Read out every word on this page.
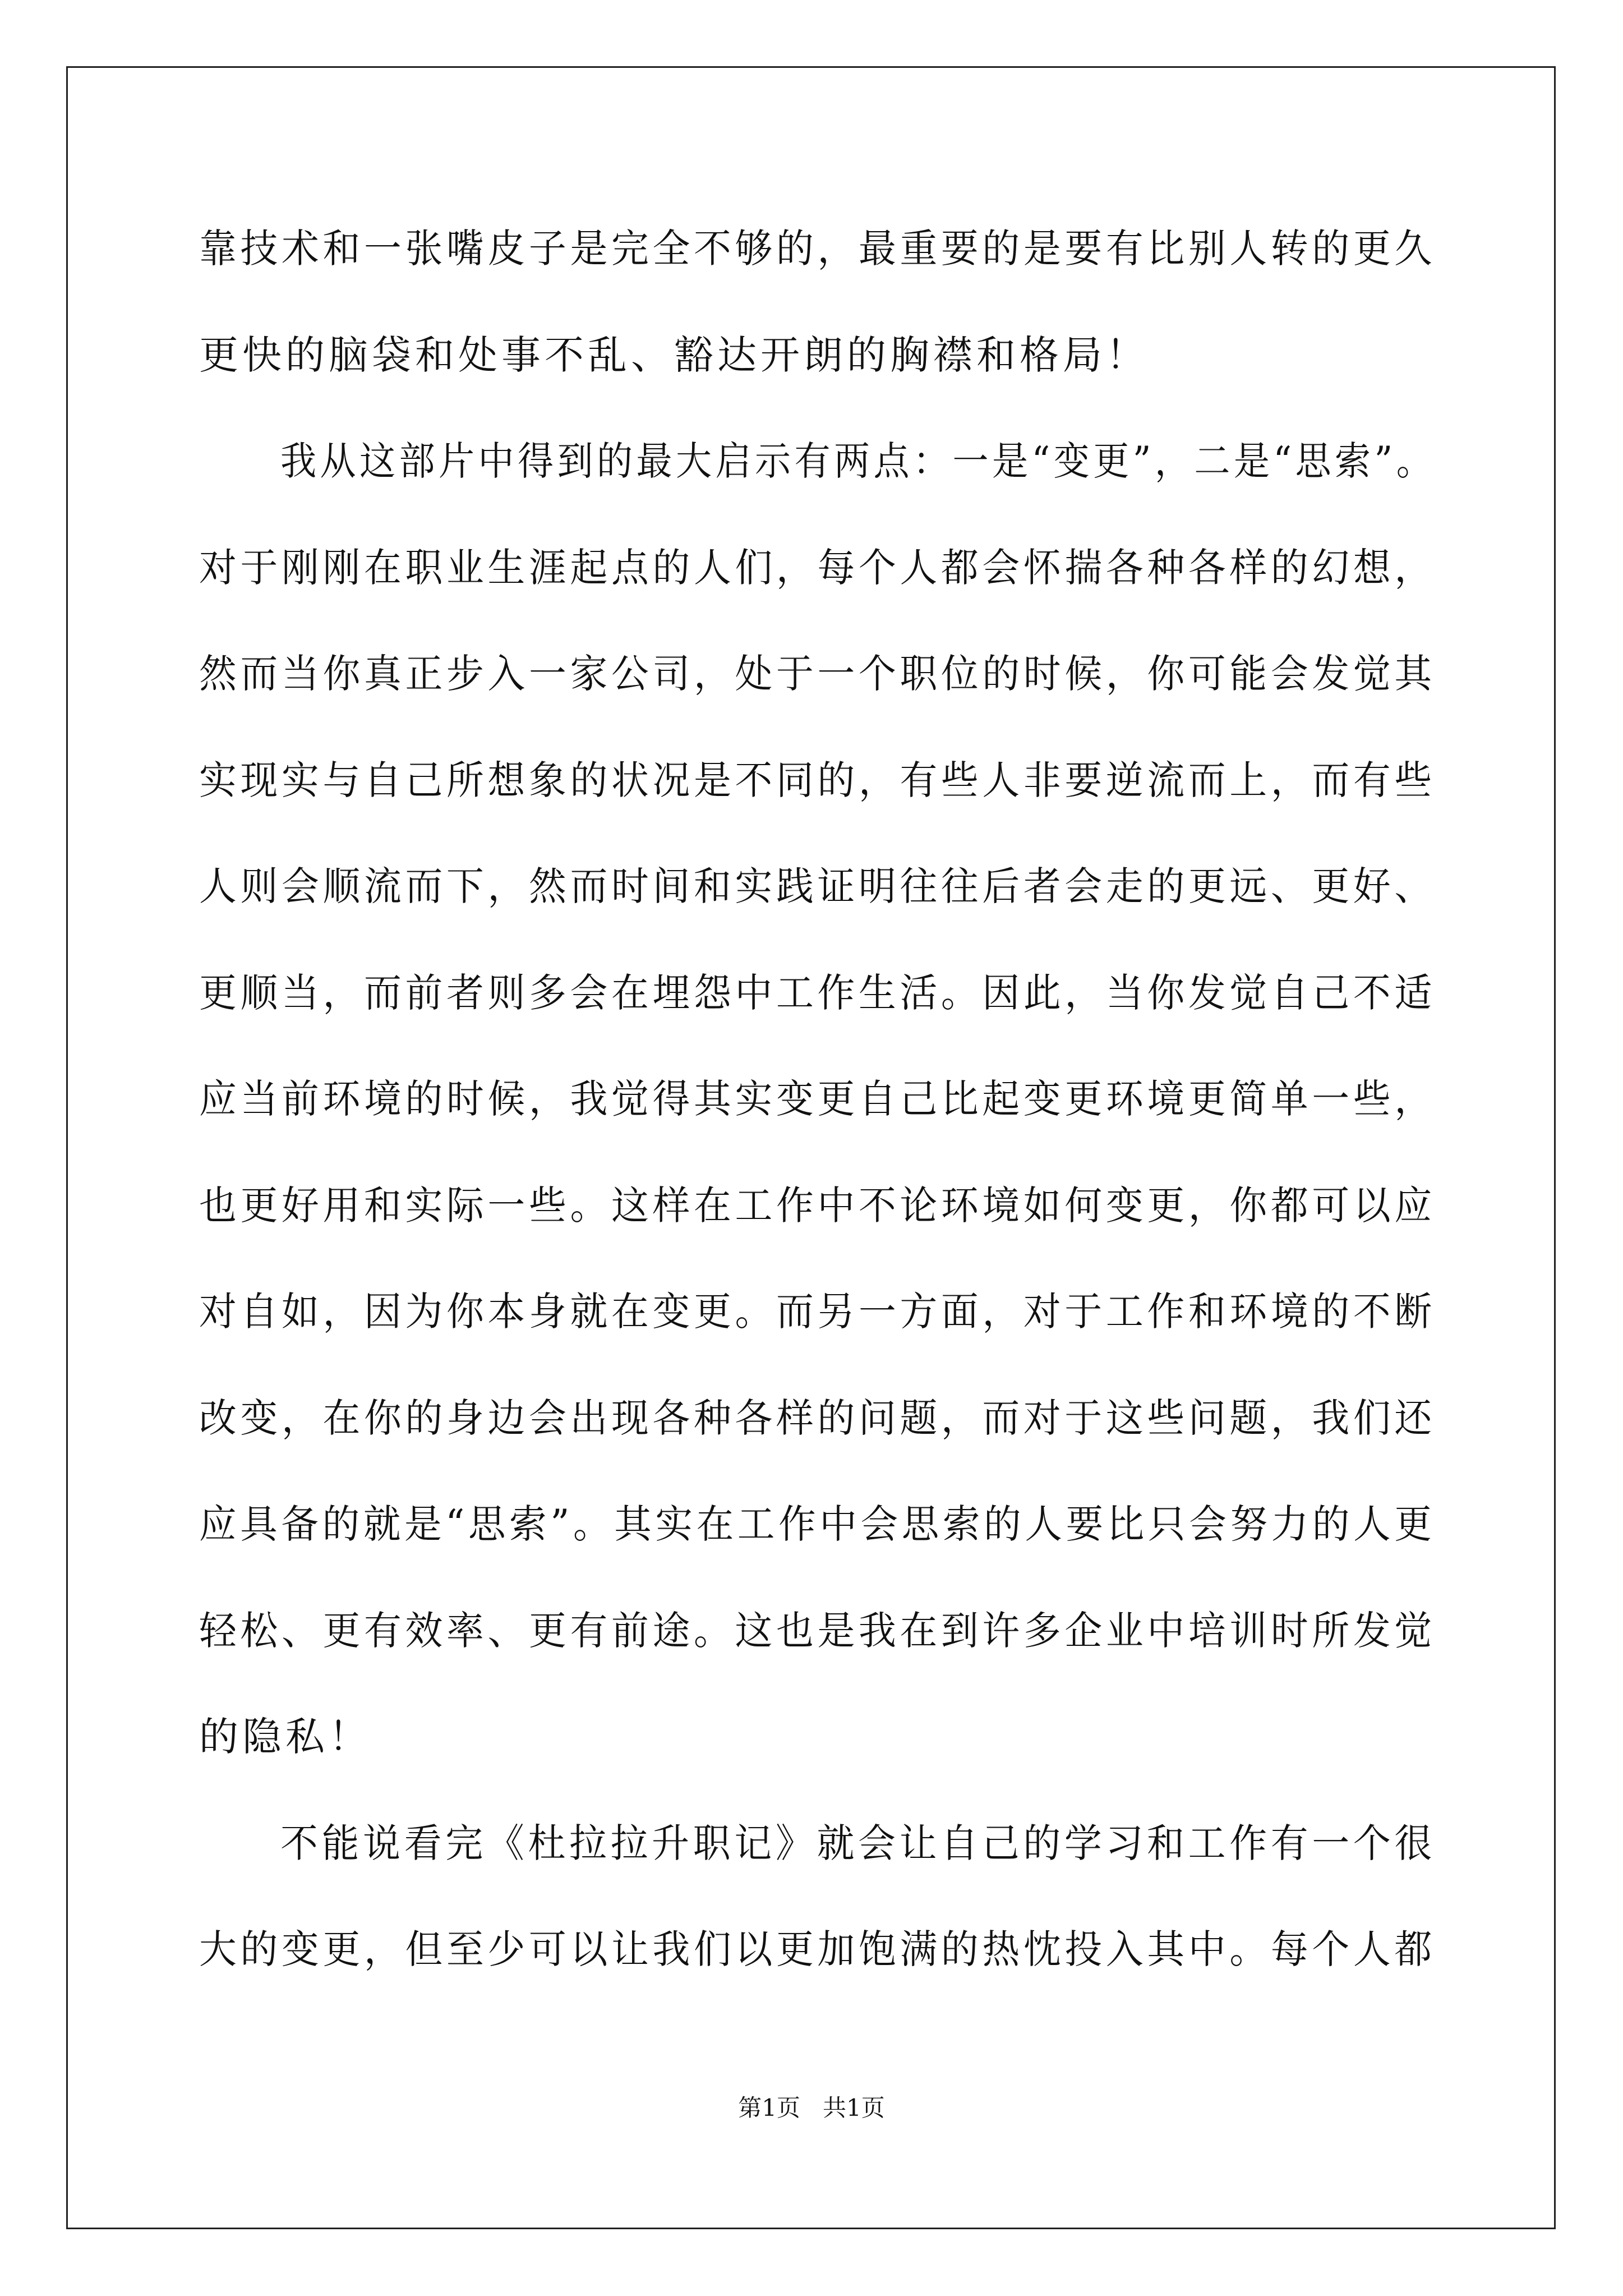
靠技术和一张嘴皮子是完全不够的，最重要的是要有比别人转的更久
更快的脑袋和处事不乱、豁达开朗的胸襟和格局！
我从这部片中得到的最大启示有两点：一是“变更”，二是“思索”。
对于刚刚在职业生涯起点的人们，每个人都会怀揣各种各样的幻想，
然而当你真正步入一家公司，处于一个职位的时候，你可能会发觉其
实现实与自己所想象的状况是不同的，有些人非要逆流而上，而有些
人则会顺流而下，然而时间和实践证明往往后者会走的更远、更好、
更顺当，而前者则多会在埋怨中工作生活。因此，当你发觉自己不适
应当前环境的时候，我觉得其实变更自己比起变更环境更简单一些，
也更好用和实际一些。这样在工作中不论环境如何变更，你都可以应
对自如，因为你本身就在变更。而另一方面，对于工作和环境的不断
改变，在你的身边会出现各种各样的问题，而对于这些问题，我们还
应具备的就是“思索”。其实在工作中会思索的人要比只会努力的人更
轻松、更有效率、更有前途。这也是我在到许多企业中培训时所发觉
的隐私！
不能说看完《杜拉拉升职记》就会让自己的学习和工作有一个很
大的变更，但至少可以让我们以更加饱满的热忱投入其中。每个人都
第1页   共1页
